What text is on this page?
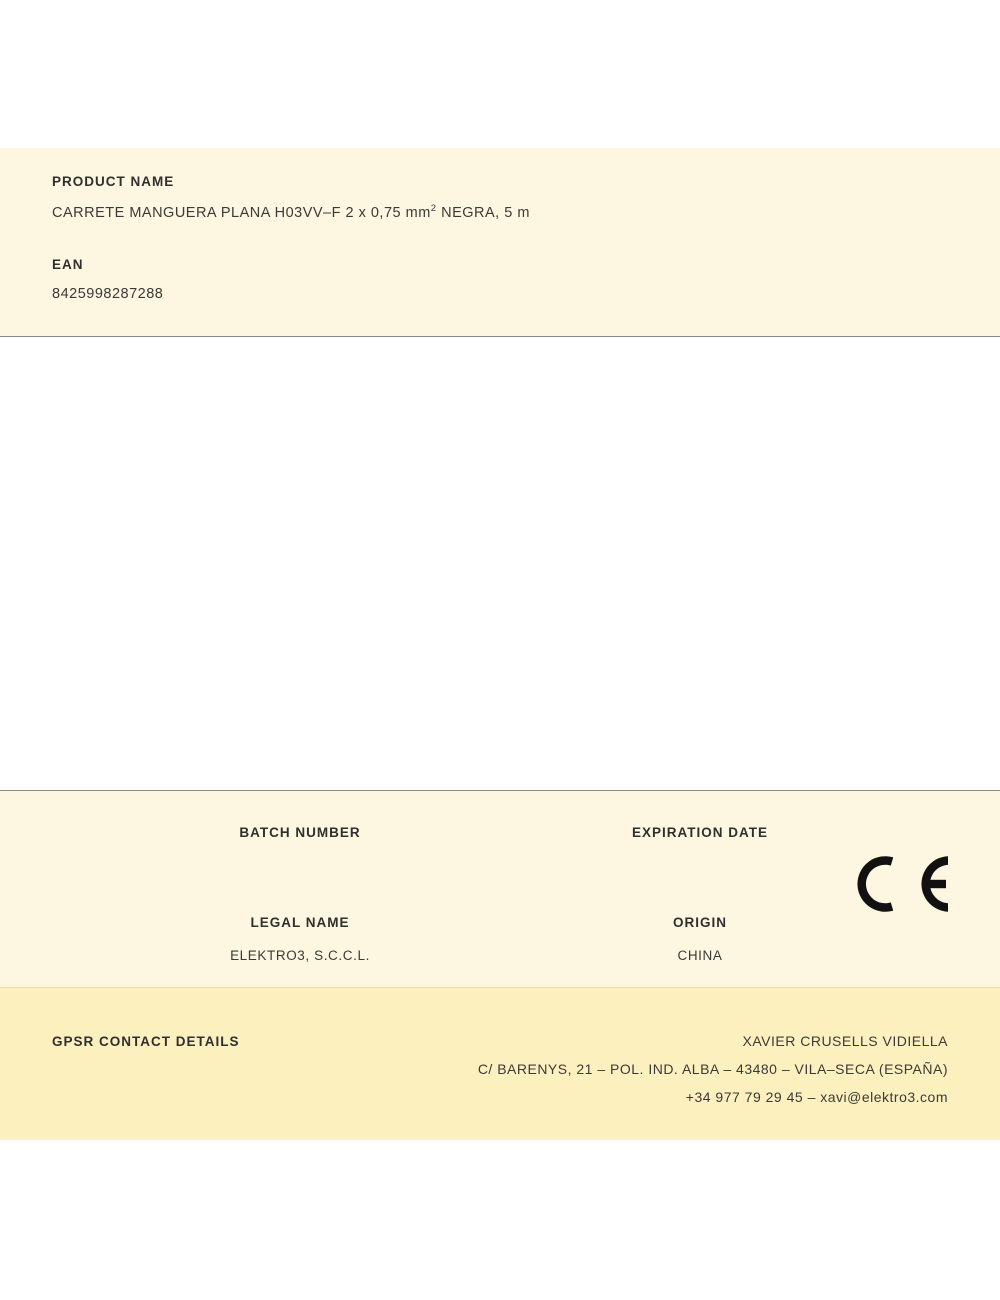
PRODUCT NAME
CARRETE MANGUERA PLANA H03VV–F 2 x 0,75 $mm^2$ NEGRA, 5 m
EAN
8425998287288
BATCH NUMBER	EXPIRATION DATE
LEGAL NAME
ELEKTRO3, S.C.C.L.
ORIGIN
CHINA
GPSR CONTACT DETAILS	XAVIER CRUSELLS VIDIELLA
C/ BARENYS, 21 – POL. IND. ALBA – 43480 – VILA–SECA (ESPAÑA)
+34 977 79 29 45 – xavi@elektro3.com
